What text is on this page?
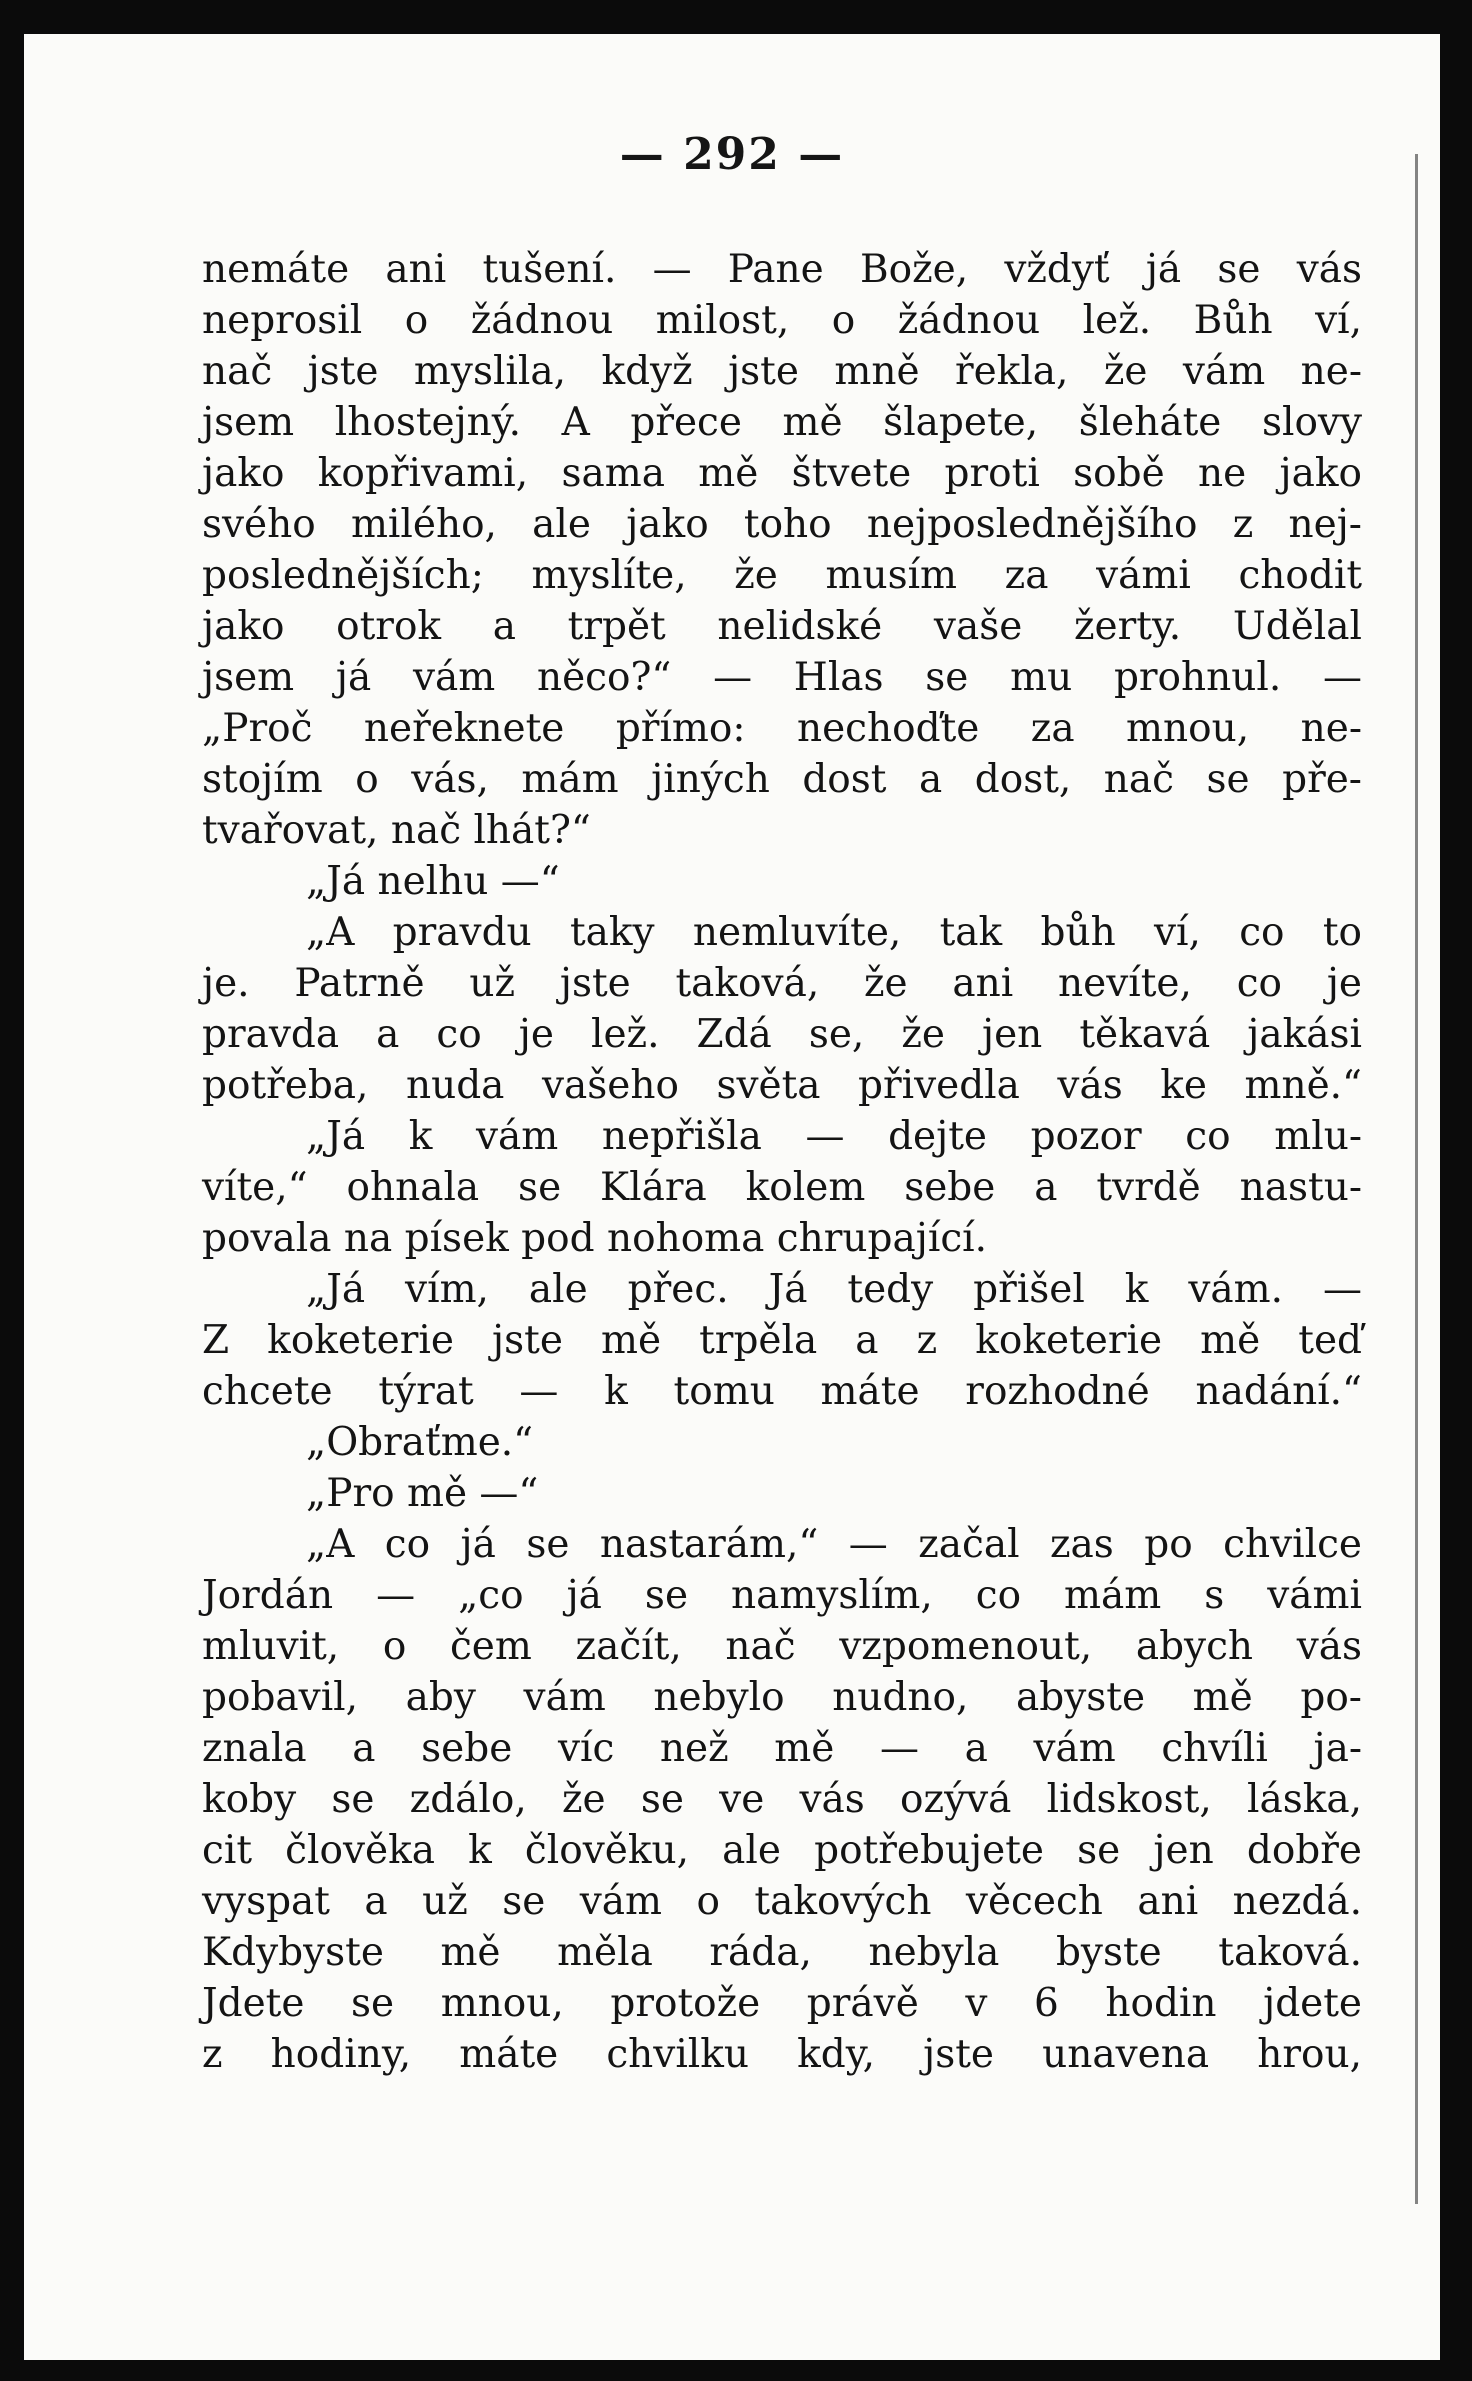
— 292 —
nemáte ani tušení. — Pane Bože, vždyť já se vás
neprosil o žádnou milost, o žádnou lež. Bůh ví,
nač jste myslila, když jste mně řekla, že vám ne-
jsem lhostejný. A přece mě šlapete, šleháte slovy
jako kopřivami, sama mě štvete proti sobě ne jako
svého milého, ale jako toho nejposlednějšího z nej-
poslednějších; myslíte, že musím za vámi chodit
jako otrok a trpět nelidské vaše žerty. Udělal
jsem já vám něco?“ — Hlas se mu prohnul. —
„Proč neřeknete přímo: nechoďte za mnou, ne-
stojím o vás, mám jiných dost a dost, nač se pře-
tvařovat, nač lhát?“
„Já nelhu —“
„A pravdu taky nemluvíte, tak bůh ví, co to
je. Patrně už jste taková, že ani nevíte, co je
pravda a co je lež. Zdá se, že jen těkavá jakási
potřeba, nuda vašeho světa přivedla vás ke mně.“
„Já k vám nepřišla — dejte pozor co mlu-
víte,“ ohnala se Klára kolem sebe a tvrdě nastu-
povala na písek pod nohoma chrupající.
„Já vím, ale přec. Já tedy přišel k vám. —
Z koketerie jste mě trpěla a z koketerie mě teď
chcete týrat — k tomu máte rozhodné nadání.“
„Obraťme.“
„Pro mě —“
„A co já se nastarám,“ — začal zas po chvilce
Jordán — „co já se namyslím, co mám s vámi
mluvit, o čem začít, nač vzpomenout, abych vás
pobavil, aby vám nebylo nudno, abyste mě po-
znala a sebe víc než mě — a vám chvíli ja-
koby se zdálo, že se ve vás ozývá lidskost, láska,
cit člověka k člověku, ale potřebujete se jen dobře
vyspat a už se vám o takových věcech ani nezdá.
Kdybyste mě měla ráda, nebyla byste taková.
Jdete se mnou, protože právě v 6 hodin jdete
z hodiny, máte chvilku kdy, jste unavena hrou,
